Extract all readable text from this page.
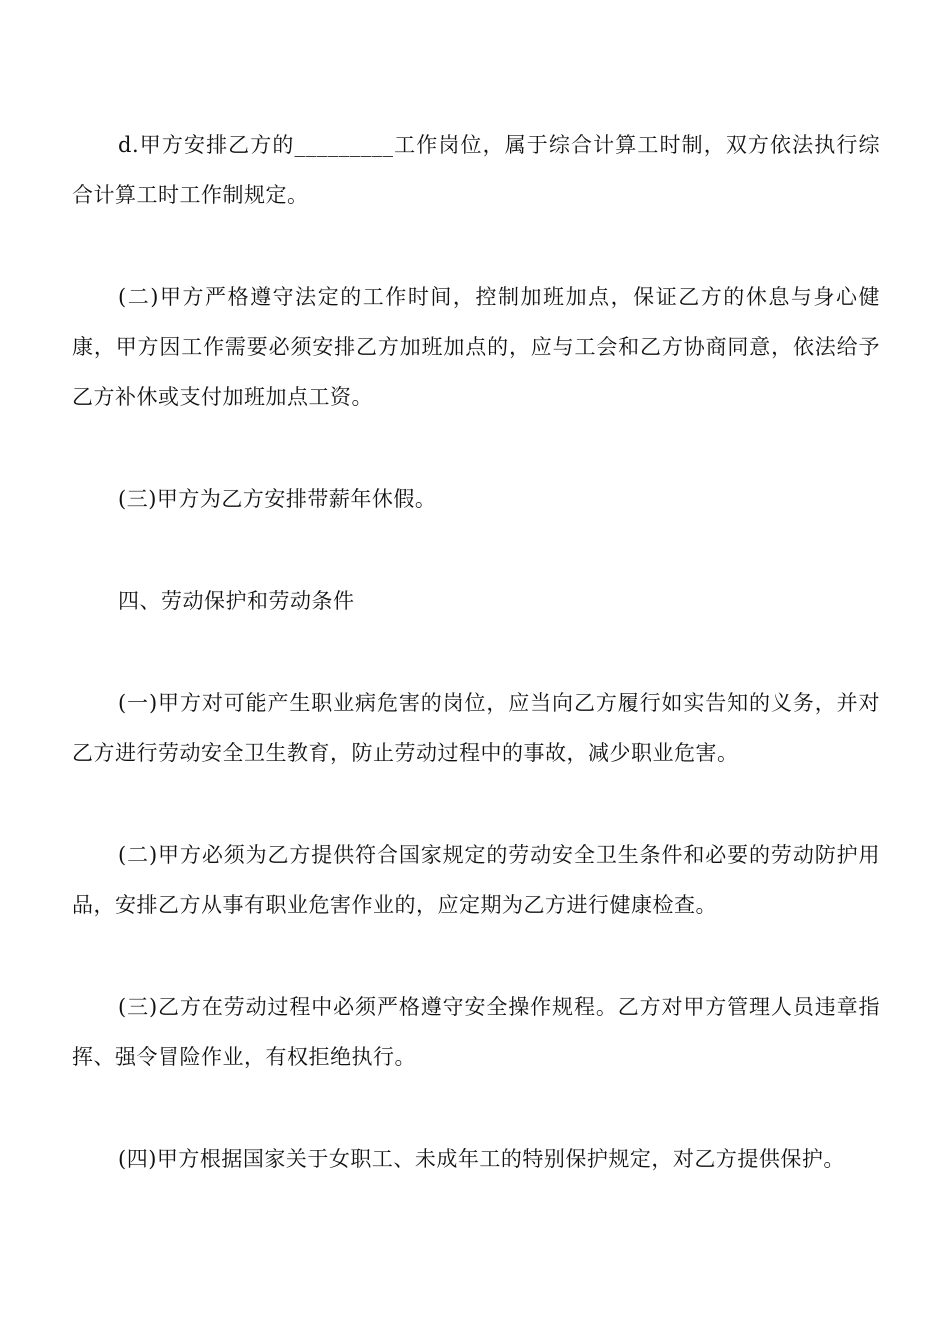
d.甲方安排乙方的_________工作岗位，属于综合计算工时制，双方依法执行综合计算工时工作制规定。

(二)甲方严格遵守法定的工作时间，控制加班加点，保证乙方的休息与身心健康，甲方因工作需要必须安排乙方加班加点的，应与工会和乙方协商同意，依法给予乙方补休或支付加班加点工资。

(三)甲方为乙方安排带薪年休假。

四、劳动保护和劳动条件

(一)甲方对可能产生职业病危害的岗位，应当向乙方履行如实告知的义务，并对乙方进行劳动安全卫生教育，防止劳动过程中的事故，减少职业危害。

(二)甲方必须为乙方提供符合国家规定的劳动安全卫生条件和必要的劳动防护用品，安排乙方从事有职业危害作业的，应定期为乙方进行健康检查。

(三)乙方在劳动过程中必须严格遵守安全操作规程。乙方对甲方管理人员违章指挥、强令冒险作业，有权拒绝执行。

(四)甲方根据国家关于女职工、未成年工的特别保护规定，对乙方提供保护。
